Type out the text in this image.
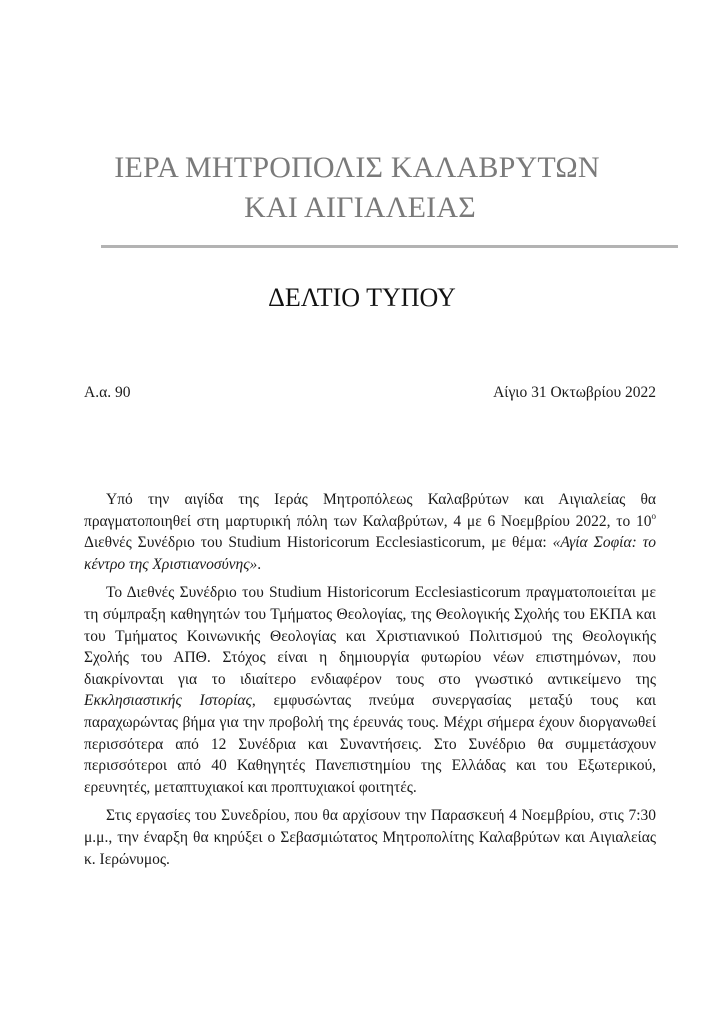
ΙΕΡΑ ΜΗΤΡΟΠΟΛΙΣ ΚΑΛΑΒΡΥΤΩΝ
ΚΑΙ ΑΙΓΙΑΛΕΙΑΣ
ΔΕΛΤΙΟ ΤΥΠΟΥ
Α.α. 90	Αίγιο 31 Οκτωβρίου 2022

Υπό την αιγίδα της Ιεράς Μητροπόλεως Καλαβρύτων και Αιγιαλείας θα πραγματοποιηθεί στη μαρτυρική πόλη των Καλαβρύτων, 4 με 6 Νοεμβρίου 2022, το $10^o$ Διεθνές Συνέδριο του Studium Historicorum Ecclesiasticorum, με θέμα: «Αγία Σοφία: το κέντρο της Χριστιανοσύνης».

Το Διεθνές Συνέδριο του Studium Historicorum Ecclesiasticorum πραγματοποιείται με τη σύμπραξη καθηγητών του Τμήματος Θεολογίας, της Θεολογικής Σχολής του ΕΚΠΑ και του Τμήματος Κοινωνικής Θεολογίας και Χριστιανικού Πολιτισμού της Θεολογικής Σχολής του ΑΠΘ. Στόχος είναι η δημιουργία φυτωρίου νέων επιστημόνων, που διακρίνονται για το ιδιαίτερο ενδιαφέρον τους στο γνωστικό αντικείμενο της Εκκλησιαστικής Ιστορίας, εμφυσώντας πνεύμα συνεργασίας μεταξύ τους και παραχωρώντας βήμα για την προβολή της έρευνάς τους. Μέχρι σήμερα έχουν διοργανωθεί περισσότερα από 12 Συνέδρια και Συναντήσεις. Στο Συνέδριο θα συμμετάσχουν περισσότεροι από 40 Καθηγητές Πανεπιστημίου της Ελλάδας και του Εξωτερικού, ερευνητές, μεταπτυχιακοί και προπτυχιακοί φοιτητές.

Στις εργασίες του Συνεδρίου, που θα αρχίσουν την Παρασκευή 4 Νοεμβρίου, στις 7:30 μ.μ., την έναρξη θα κηρύξει ο Σεβασμιώτατος Μητροπολίτης Καλαβρύτων και Αιγιαλείας κ. Ιερώνυμος.
